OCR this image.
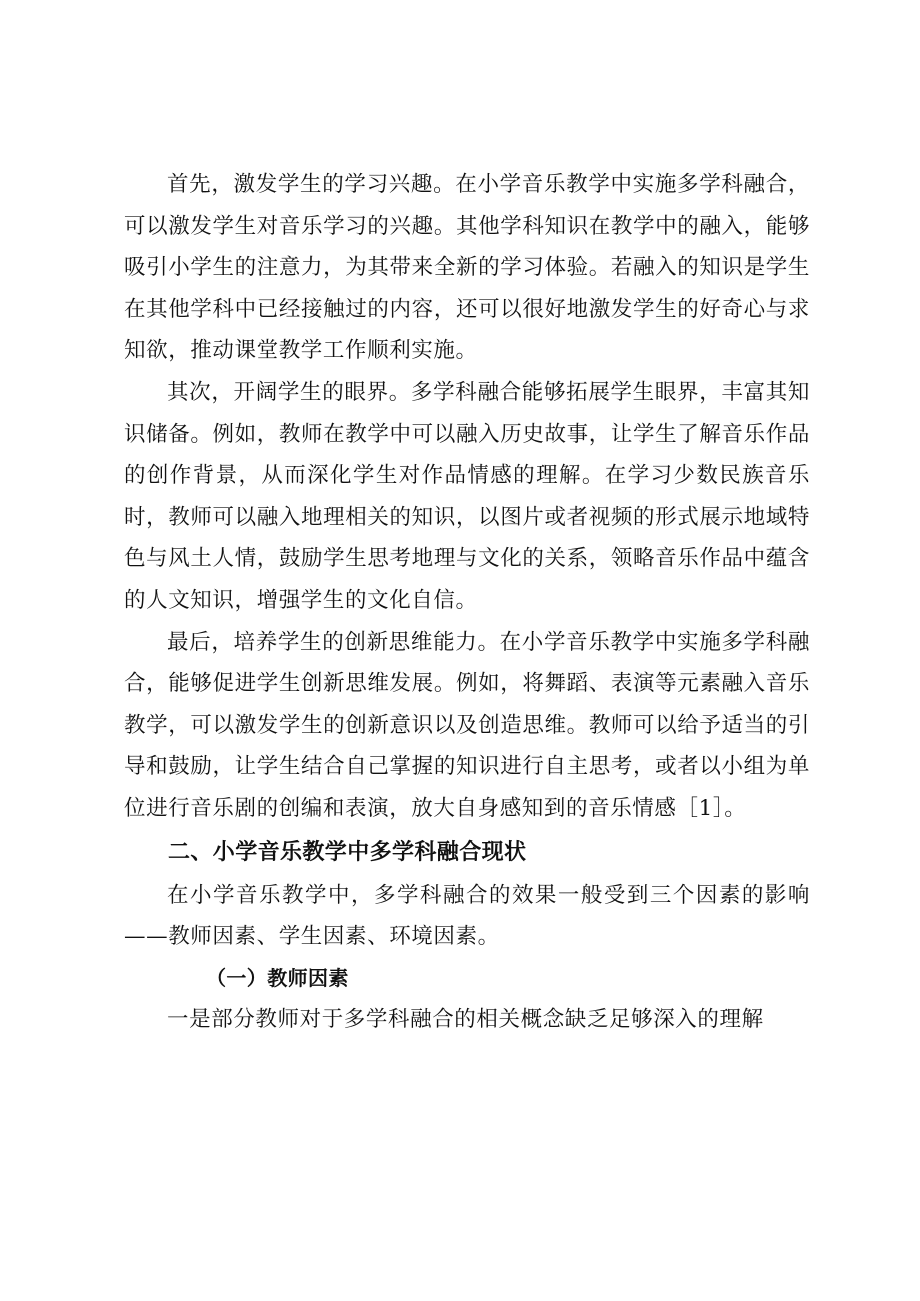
首先，激发学生的学习兴趣。在小学音乐教学中实施多学科融合，可以激发学生对音乐学习的兴趣。其他学科知识在教学中的融入，能够吸引小学生的注意力，为其带来全新的学习体验。若融入的知识是学生在其他学科中已经接触过的内容，还可以很好地激发学生的好奇心与求知欲，推动课堂教学工作顺利实施。

其次，开阔学生的眼界。多学科融合能够拓展学生眼界，丰富其知识储备。例如，教师在教学中可以融入历史故事，让学生了解音乐作品的创作背景，从而深化学生对作品情感的理解。在学习少数民族音乐时，教师可以融入地理相关的知识，以图片或者视频的形式展示地域特色与风土人情，鼓励学生思考地理与文化的关系，领略音乐作品中蕴含的人文知识，增强学生的文化自信。

最后，培养学生的创新思维能力。在小学音乐教学中实施多学科融合，能够促进学生创新思维发展。例如，将舞蹈、表演等元素融入音乐教学，可以激发学生的创新意识以及创造思维。教师可以给予适当的引导和鼓励，让学生结合自己掌握的知识进行自主思考，或者以小组为单位进行音乐剧的创编和表演，放大自身感知到的音乐情感［1］。

二、小学音乐教学中多学科融合现状

在小学音乐教学中，多学科融合的效果一般受到三个因素的影响——教师因素、学生因素、环境因素。

（一）教师因素

一是部分教师对于多学科融合的相关概念缺乏足够深入的理解
